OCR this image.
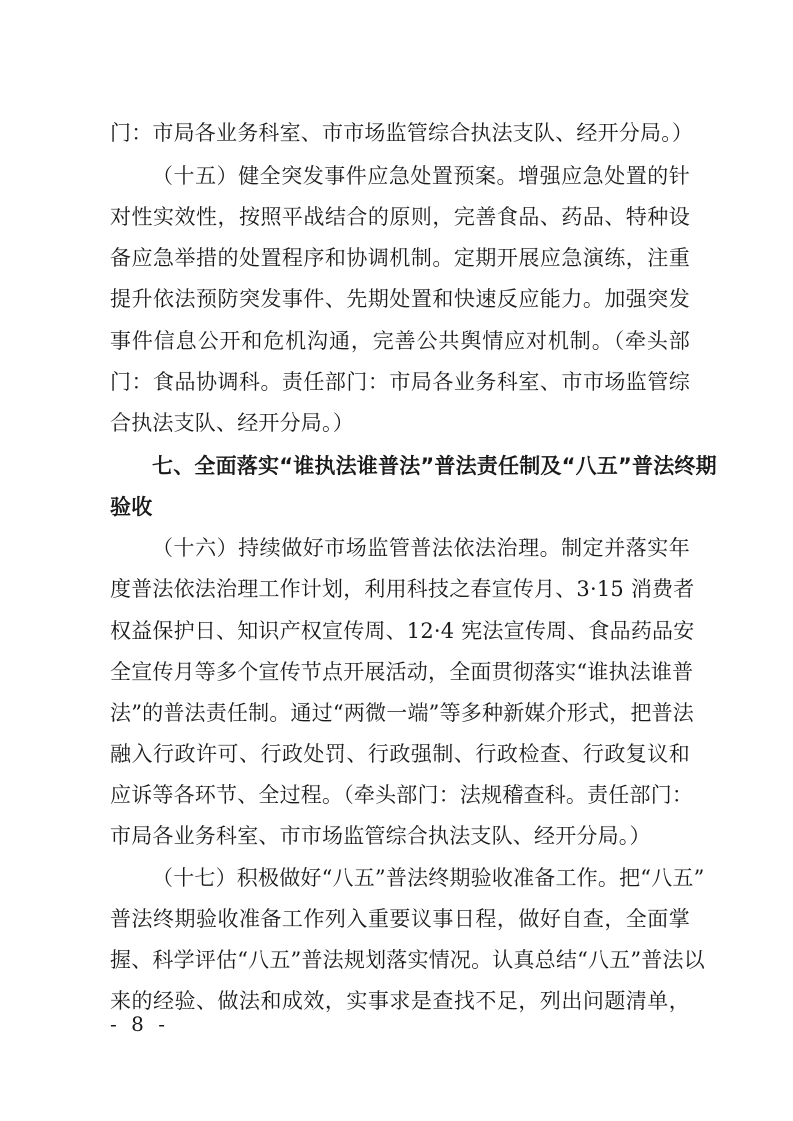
门：市局各业务科室、市市场监管综合执法支队、经开分局。）
（十五）健全突发事件应急处置预案。增强应急处置的针
对性实效性，按照平战结合的原则，完善食品、药品、特种设
备应急举措的处置程序和协调机制。定期开展应急演练，注重
提升依法预防突发事件、先期处置和快速反应能力。加强突发
事件信息公开和危机沟通，完善公共舆情应对机制。（牵头部
门：食品协调科。责任部门：市局各业务科室、市市场监管综
合执法支队、经开分局。）
七、全面落实“谁执法谁普法”普法责任制及“八五”普法终期
验收
（十六）持续做好市场监管普法依法治理。制定并落实年
度普法依法治理工作计划，利用科技之春宣传月、3·15 消费者
权益保护日、知识产权宣传周、12·4 宪法宣传周、食品药品安
全宣传月等多个宣传节点开展活动，全面贯彻落实“谁执法谁普
法”的普法责任制。通过“两微一端”等多种新媒介形式，把普法
融入行政许可、行政处罚、行政强制、行政检查、行政复议和
应诉等各环节、全过程。（牵头部门：法规稽查科。责任部门：
市局各业务科室、市市场监管综合执法支队、经开分局。）
（十七）积极做好“八五”普法终期验收准备工作。把“八五”
普法终期验收准备工作列入重要议事日程，做好自查，全面掌
握、科学评估“八五”普法规划落实情况。认真总结“八五”普法以
来的经验、做法和成效，实事求是查找不足，列出问题清单，
- 8 -
